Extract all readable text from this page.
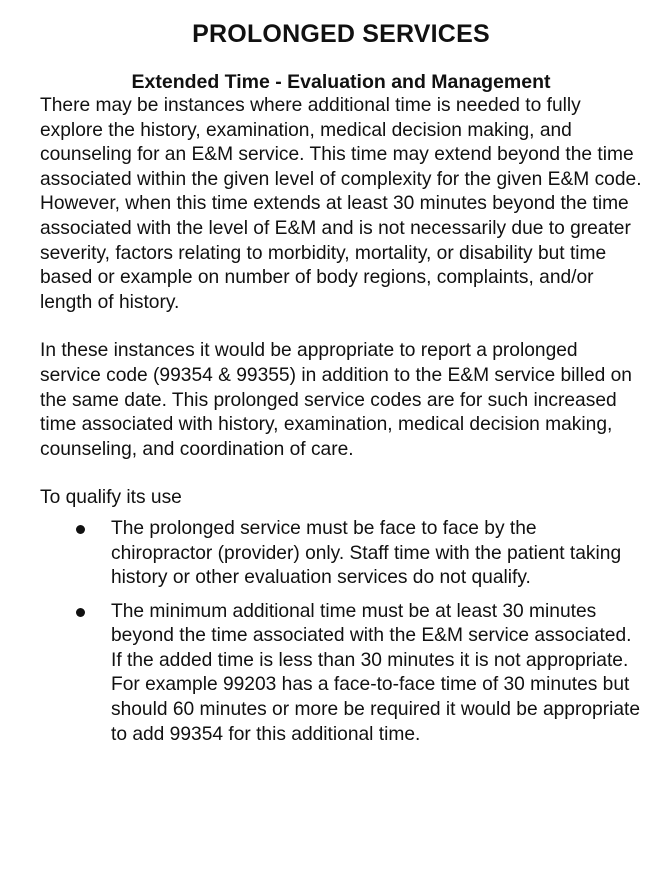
PROLONGED SERVICES
Extended Time - Evaluation and Management

There may be instances where additional time is needed to fully explore the history, examination, medical decision making, and counseling for an E&M service. This time may extend beyond the time associated within the given level of complexity for the given E&M code. However, when this time extends at least 30 minutes beyond the time associated with the level of E&M and is not necessarily due to greater severity, factors relating to morbidity, mortality, or disability but time based or example on number of body regions, complaints, and/or length of history.

In these instances it would be appropriate to report a prolonged service code (99354 & 99355) in addition to the E&M service billed on the same date. This prolonged service codes are for such increased time associated with history, examination, medical decision making, counseling, and coordination of care.

To qualify its use

The prolonged service must be face to face by the chiropractor (provider) only. Staff time with the patient taking history or other evaluation services do not qualify.
The minimum additional time must be at least 30 minutes beyond the time associated with the E&M service associated. If the added time is less than 30 minutes it is not appropriate. For example 99203 has a face-to-face time of 30 minutes but should 60 minutes or more be required it would be appropriate to add 99354 for this additional time.
